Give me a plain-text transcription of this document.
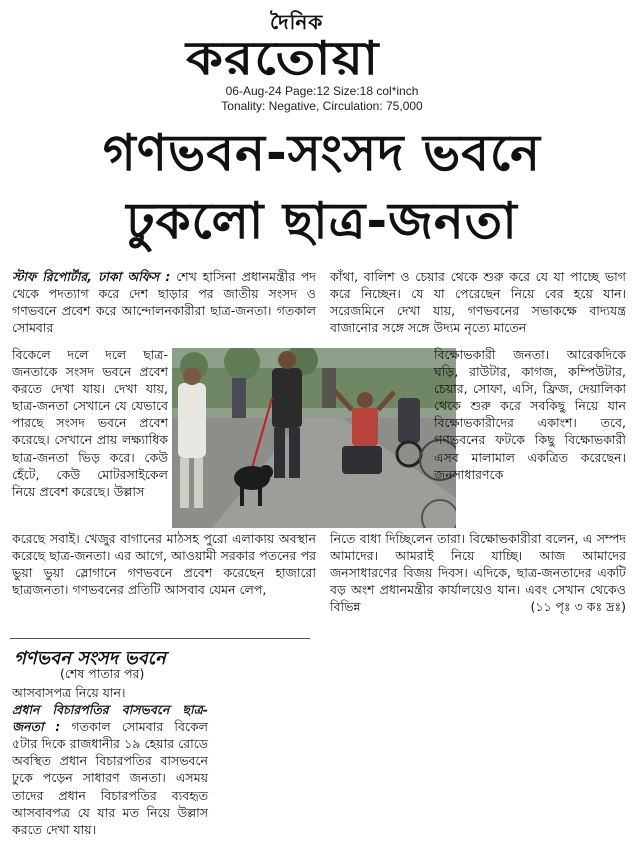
দৈনিক
করতোয়া
06-Aug-24 Page:12 Size:18 col*inch
Tonality: Negative, Circulation: 75,000
গণভবন-সংসদ ভবনে
ঢুকলো ছাত্র-জনতা
স্টাফ রিপোর্টার, ঢাকা অফিস : শেখ হাসিনা প্রধানমন্ত্রীর পদ থেকে পদত্যাগ করে দেশ ছাড়ার পর জাতীয় সংসদ ও গণভবনে প্রবেশ করে আন্দোলনকারীরা ছাত্র-জনতা। গতকাল সোমবার
কাঁথা, বালিশ ও চেয়ার থেকে শুরু করে যে যা পাচ্ছে ভাগ করে নিচ্ছেন। যে যা পেরেছেন নিয়ে বের হয়ে যান। সরেজমিনে দেখা যায়, গণভবনের সভাকক্ষে বাদ্যযন্ত্র বাজানোর সঙ্গে সঙ্গে উদ্যম নৃত্যে মাতেন
বিকেলে দলে দলে ছাত্র-জনতাকে সংসদ ভবনে প্রবেশ করতে দেখা যায়। দেখা যায়, ছাত্র-জনতা সেখানে যে যেভাবে পারছে সংসদ ভবনে প্রবেশ করেছে। সেখানে প্রায় লক্ষ্যাধিক ছাত্র-জনতা ভিড় করে। কেউ হেঁটে, কেউ মোটরসাইকেল নিয়ে প্রবেশ করেছে। উল্লাস
বিক্ষোভকারী জনতা। আরেকদিকে ঘড়ি, রাউটার, কাগজ, কম্পিউটার, চেয়ার, সোফা, এসি, ফ্রিজ, দেয়ালিকা থেকে শুরু করে সবকিছু নিয়ে যান বিক্ষোভকারীদের একাংশ। তবে, গণভবনের ফটকে কিছু বিক্ষোভকারী এসব মালামাল একত্রিত করেছেন। জনসাধারণকে
করেছে সবাই। খেজুর বাগানের মাঠসহ পুরো এলাকায় অবস্থান করেছে ছাত্র-জনতা। এর আগে, আওয়ামী সরকার পতনের পর ভুয়া ভুয়া স্লোগানে গণভবনে প্রবেশ করেছেন হাজারো ছাত্রজনতা। গণভবনের প্রতিটি আসবাব যেমন লেপ,
নিতে বাধা দিচ্ছিলেন তারা। বিক্ষোভকারীরা বলেন, এ সম্পদ আমাদের। আমরাই নিয়ে যাচ্ছি। আজ আমাদের জনসাধারণের বিজয় দিবস। এদিকে, ছাত্র-জনতাদের একটি বড় অংশ প্রধানমন্ত্রীর কার্যালয়েও যান। এবং সেখান থেকেও বিভিন্ন	(১১ পৃঃ ৩ কঃ দ্রঃ)
গণভবন সংসদ ভবনে
(শেষ পাতার পর)
আসবাসপত্র নিয়ে যান।
প্রধান বিচারপতির বাসভবনে ছাত্র-জনতা : গতকাল সোমবার বিকেল ৫টার দিকে রাজধানীর ১৯ হেয়ার রোডে অবস্থিত প্রধান বিচারপতির বাসভবনে ঢুকে পড়েন সাধারণ জনতা। এসময় তাদের প্রধান বিচারপতির ব্যবহৃত আসবাবপত্র যে যার মত নিয়ে উল্লাস করতে দেখা যায়।
